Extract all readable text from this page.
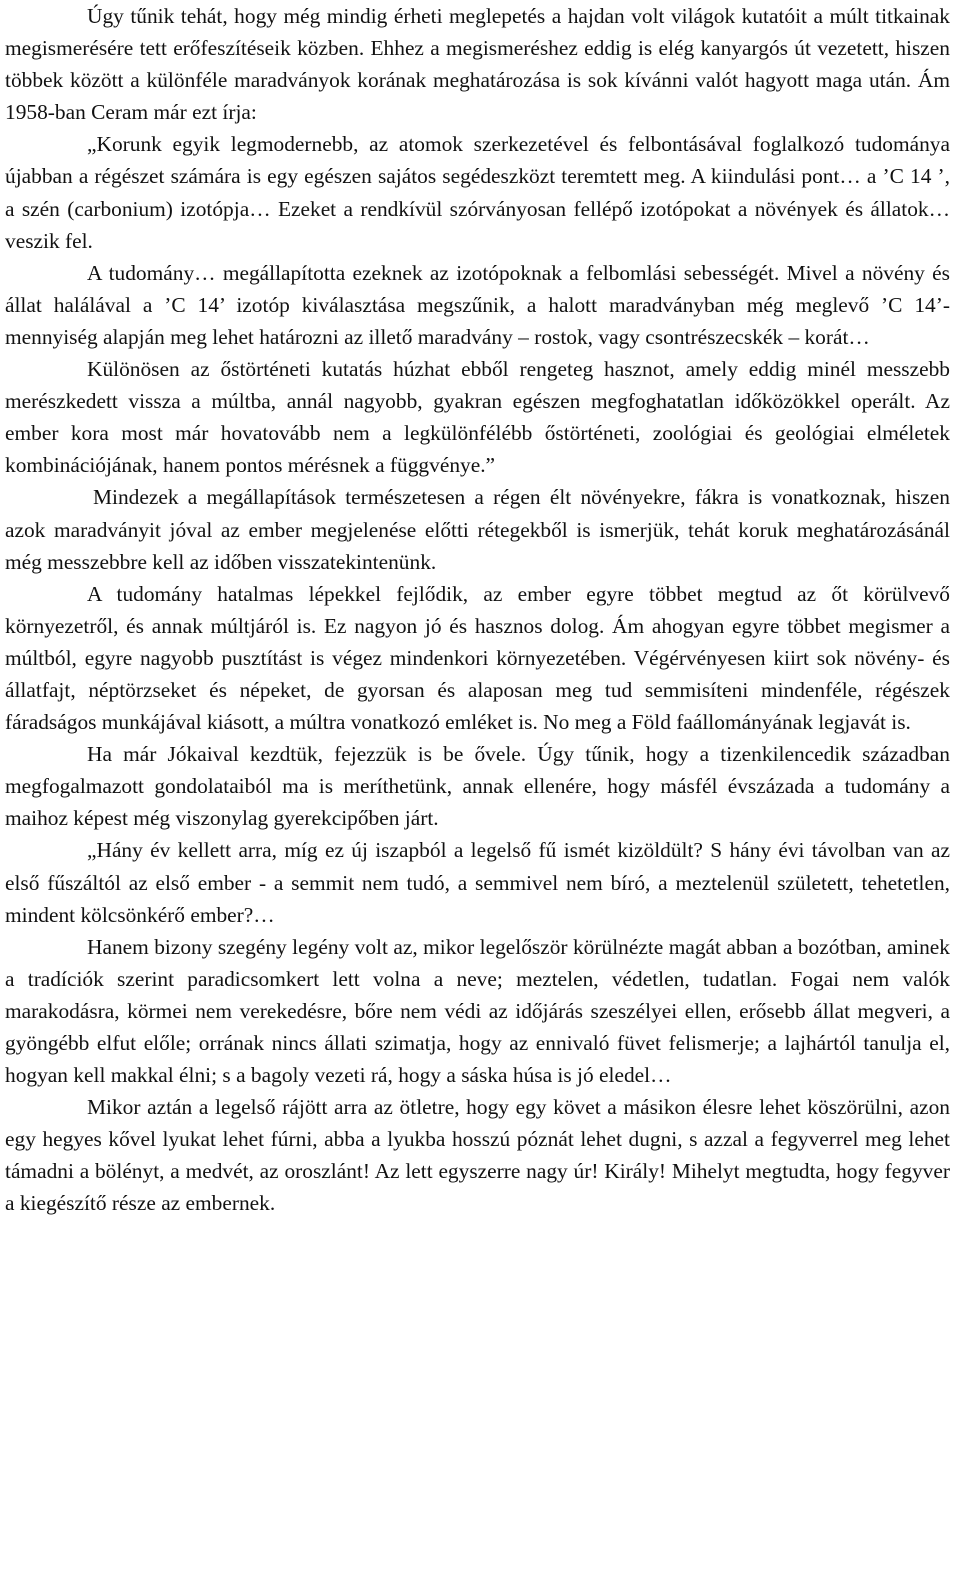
Úgy tűnik tehát, hogy még mindig érheti meglepetés a hajdan volt világok kutatóit a múlt titkainak megismerésére tett erőfeszítéseik közben. Ehhez a megismeréshez eddig is elég kanyargós út vezetett, hiszen többek között a különféle maradványok korának meghatározása is sok kívánni valót hagyott maga után. Ám 1958-ban Ceram már ezt írja:

„Korunk egyik legmodernebb, az atomok szerkezetével és felbontásával foglalkozó tudománya újabban a régészet számára is egy egészen sajátos segédeszközt teremtett meg. A kiindulási pont… a ’C 14 ’, a szén (carbonium) izotópja… Ezeket a rendkívül szórványosan fellépő izotópokat a növények és állatok… veszik fel.

A tudomány… megállapította ezeknek az izotópoknak a felbomlási sebességét. Mivel a növény és állat halálával a ’C 14’ izotóp kiválasztása megszűnik, a halott maradványban még meglevő ’C 14’- mennyiség alapján meg lehet határozni az illető maradvány – rostok, vagy csontrészecskék – korát…

Különösen az őstörténeti kutatás húzhat ebből rengeteg hasznot, amely eddig minél messzebb merészkedett vissza a múltba, annál nagyobb, gyakran egészen megfoghatatlan időközökkel operált. Az ember kora most már hovatovább nem a legkülönfélébb őstörténeti, zoológiai és geológiai elméletek kombinációjának, hanem pontos mérésnek a függvénye.”

Mindezek a megállapítások természetesen a régen élt növényekre, fákra is vonatkoznak, hiszen azok maradványit jóval az ember megjelenése előtti rétegekből is ismerjük, tehát koruk meghatározásánál még messzebbre kell az időben visszatekintenünk.

A tudomány hatalmas lépekkel fejlődik, az ember egyre többet megtud az őt körülvevő környezetről, és annak múltjáról is. Ez nagyon jó és hasznos dolog. Ám ahogyan egyre többet megismer a múltból, egyre nagyobb pusztítást is végez mindenkori környezetében. Végérvényesen kiirt sok növény- és állatfajt, néptörzseket és népeket, de gyorsan és alaposan meg tud semmisíteni mindenféle, régészek fáradságos munkájával kiásott, a múltra vonatkozó emléket is. No meg a Föld faállományának legjavát is.

Ha már Jókaival kezdtük, fejezzük is be ővele. Úgy tűnik, hogy a tizenkilencedik században megfogalmazott gondolataiból ma is meríthetünk, annak ellenére, hogy másfél évszázada a tudomány a maihoz képest még viszonylag gyerekcipőben járt.

„Hány év kellett arra, míg ez új iszapból a legelső fű ismét kizöldült? S hány évi távolban van az első fűszáltól az első ember - a semmit nem tudó, a semmivel nem bíró, a meztelenül született, tehetetlen, mindent kölcsönkérő ember?…

Hanem bizony szegény legény volt az, mikor legelőször körülnézte magát abban a bozótban, aminek a tradíciók szerint paradicsomkert lett volna a neve; meztelen, védetlen, tudatlan. Fogai nem valók marakodásra, körmei nem verekedésre, bőre nem védi az időjárás szeszélyei ellen, erősebb állat megveri, a gyöngébb elfut előle; orrának nincs állati szimatja, hogy az ennivaló füvet felismerje; a lajhártól tanulja el, hogyan kell makkal élni; s a bagoly vezeti rá, hogy a sáska húsa is jó eledel…

Mikor aztán a legelső rájött arra az ötletre, hogy egy követ a másikon élesre lehet köszörülni, azon egy hegyes kővel lyukat lehet fúrni, abba a lyukba hosszú póznát lehet dugni, s azzal a fegyverrel meg lehet támadni a bölényt, a medvét, az oroszlánt! Az lett egyszerre nagy úr! Király! Mihelyt megtudta, hogy fegyver a kiegészítő része az embernek.
